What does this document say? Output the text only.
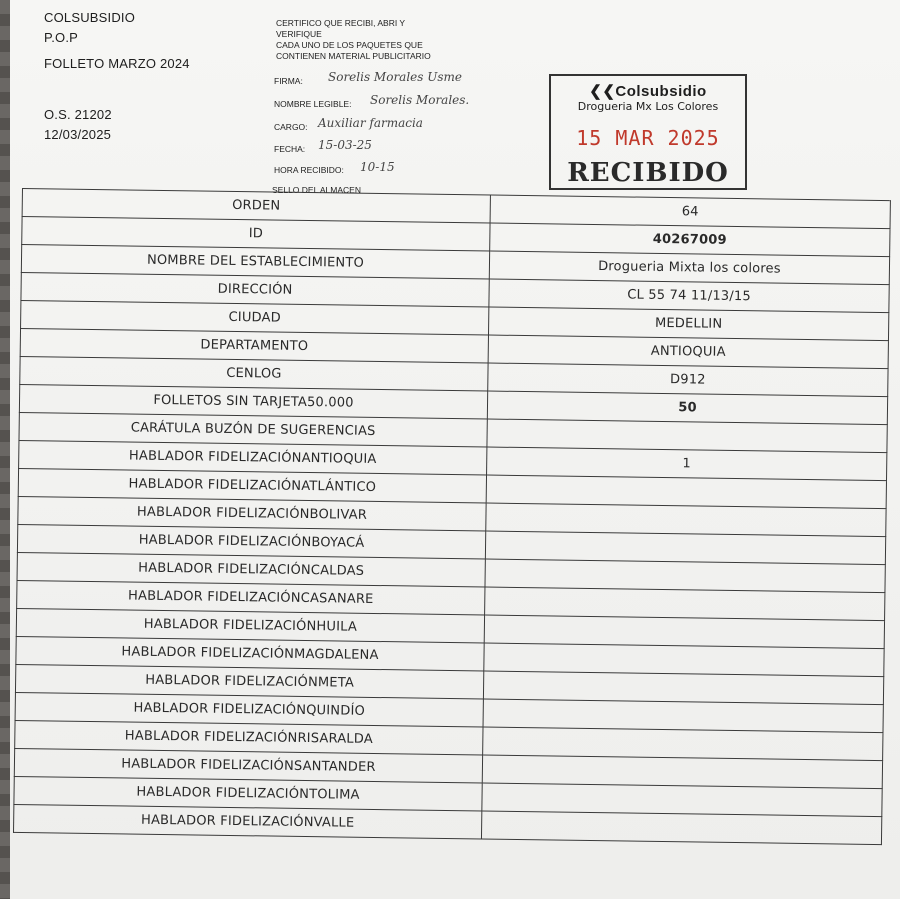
COLSUBSIDIO
P.O.P
FOLLETO MARZO 2024
O.S. 21202
12/03/2025
CERTIFICO QUE RECIBI, ABRI Y
VERIFIQUE
CADA UNO DE LOS PAQUETES QUE
CONTIENEN MATERIAL PUBLICITARIO
FIRMA: Sorelis Morales Usme
NOMBRE LEGIBLE: Sorelis Morales.
CARGO: Auxiliar farmacia
FECHA: 15-03-25
HORA RECIBIDO: 10-15
SELLO DEL ALMACEN
❮❮Colsubsidio
Drogueria Mx Los Colores
15 MAR 2025
RECIBIDO
ORDEN	64
ID	40267009
NOMBRE DEL ESTABLECIMIENTO	Drogueria Mixta los colores
DIRECCIÓN	CL 55 74 11/13/15
CIUDAD	MEDELLIN
DEPARTAMENTO	ANTIOQUIA
CENLOG	D912
FOLLETOS SIN TARJETA50.000	50
CARÁTULA BUZÓN DE SUGERENCIAS	
HABLADOR FIDELIZACIÓNANTIOQUIA	1
HABLADOR FIDELIZACIÓNATLÁNTICO	
HABLADOR FIDELIZACIÓNBOLIVAR	
HABLADOR FIDELIZACIÓNBOYACÁ	
HABLADOR FIDELIZACIÓNCALDAS	
HABLADOR FIDELIZACIÓNCASANARE	
HABLADOR FIDELIZACIÓNHUILA	
HABLADOR FIDELIZACIÓNMAGDALENA	
HABLADOR FIDELIZACIÓNMETA	
HABLADOR FIDELIZACIÓNQUINDÍO	
HABLADOR FIDELIZACIÓNRISARALDA	
HABLADOR FIDELIZACIÓNSANTANDER	
HABLADOR FIDELIZACIÓNTOLIMA	
HABLADOR FIDELIZACIÓNVALLE	
